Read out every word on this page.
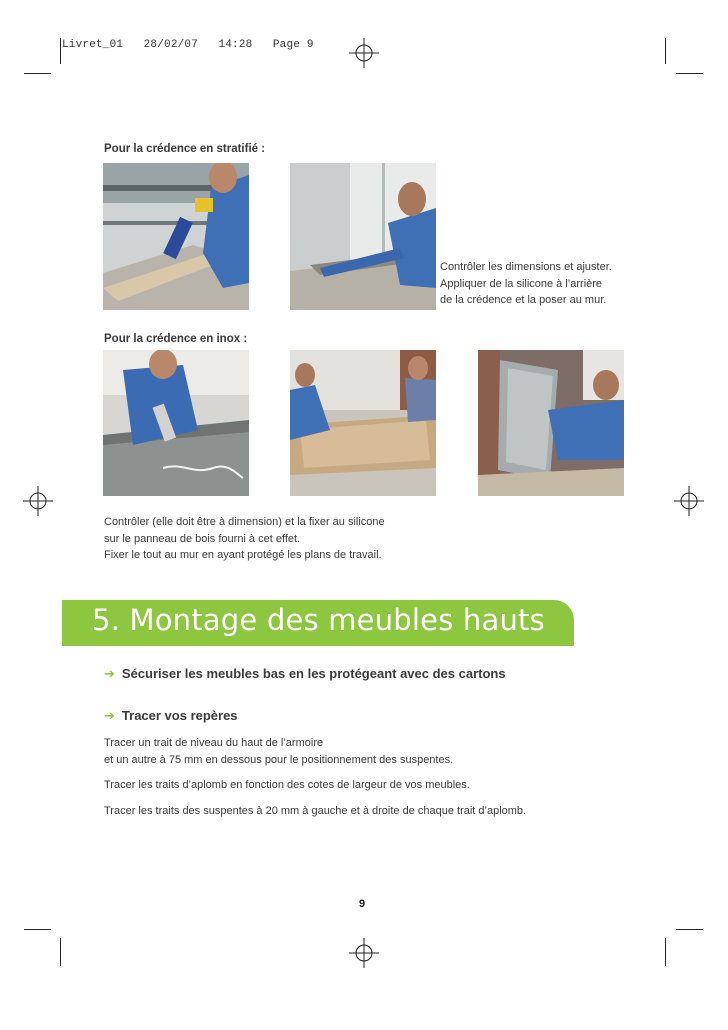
Livret_01 28/02/07 14:28 Page 9
Pour la crédence en stratifié :
Contrôler les dimensions et ajuster.
Appliquer de la silicone à l’arrière
de la crédence et la poser au mur.
Pour la crédence en inox :
Contrôler (elle doit être à dimension) et la fixer au silicone
sur le panneau de bois fourni à cet effet.
Fixer le tout au mur en ayant protégé les plans de travail.
5. Montage des meubles hauts
➔ Sécuriser les meubles bas en les protégeant avec des cartons
➔ Tracer vos repères
Tracer un trait de niveau du haut de l’armoire
et un autre à 75 mm en dessous pour le positionnement des suspentes.
Tracer les traits d’aplomb en fonction des cotes de largeur de vos meubles.
Tracer les traits des suspentes à 20 mm à gauche et à droite de chaque trait d’aplomb.
9
